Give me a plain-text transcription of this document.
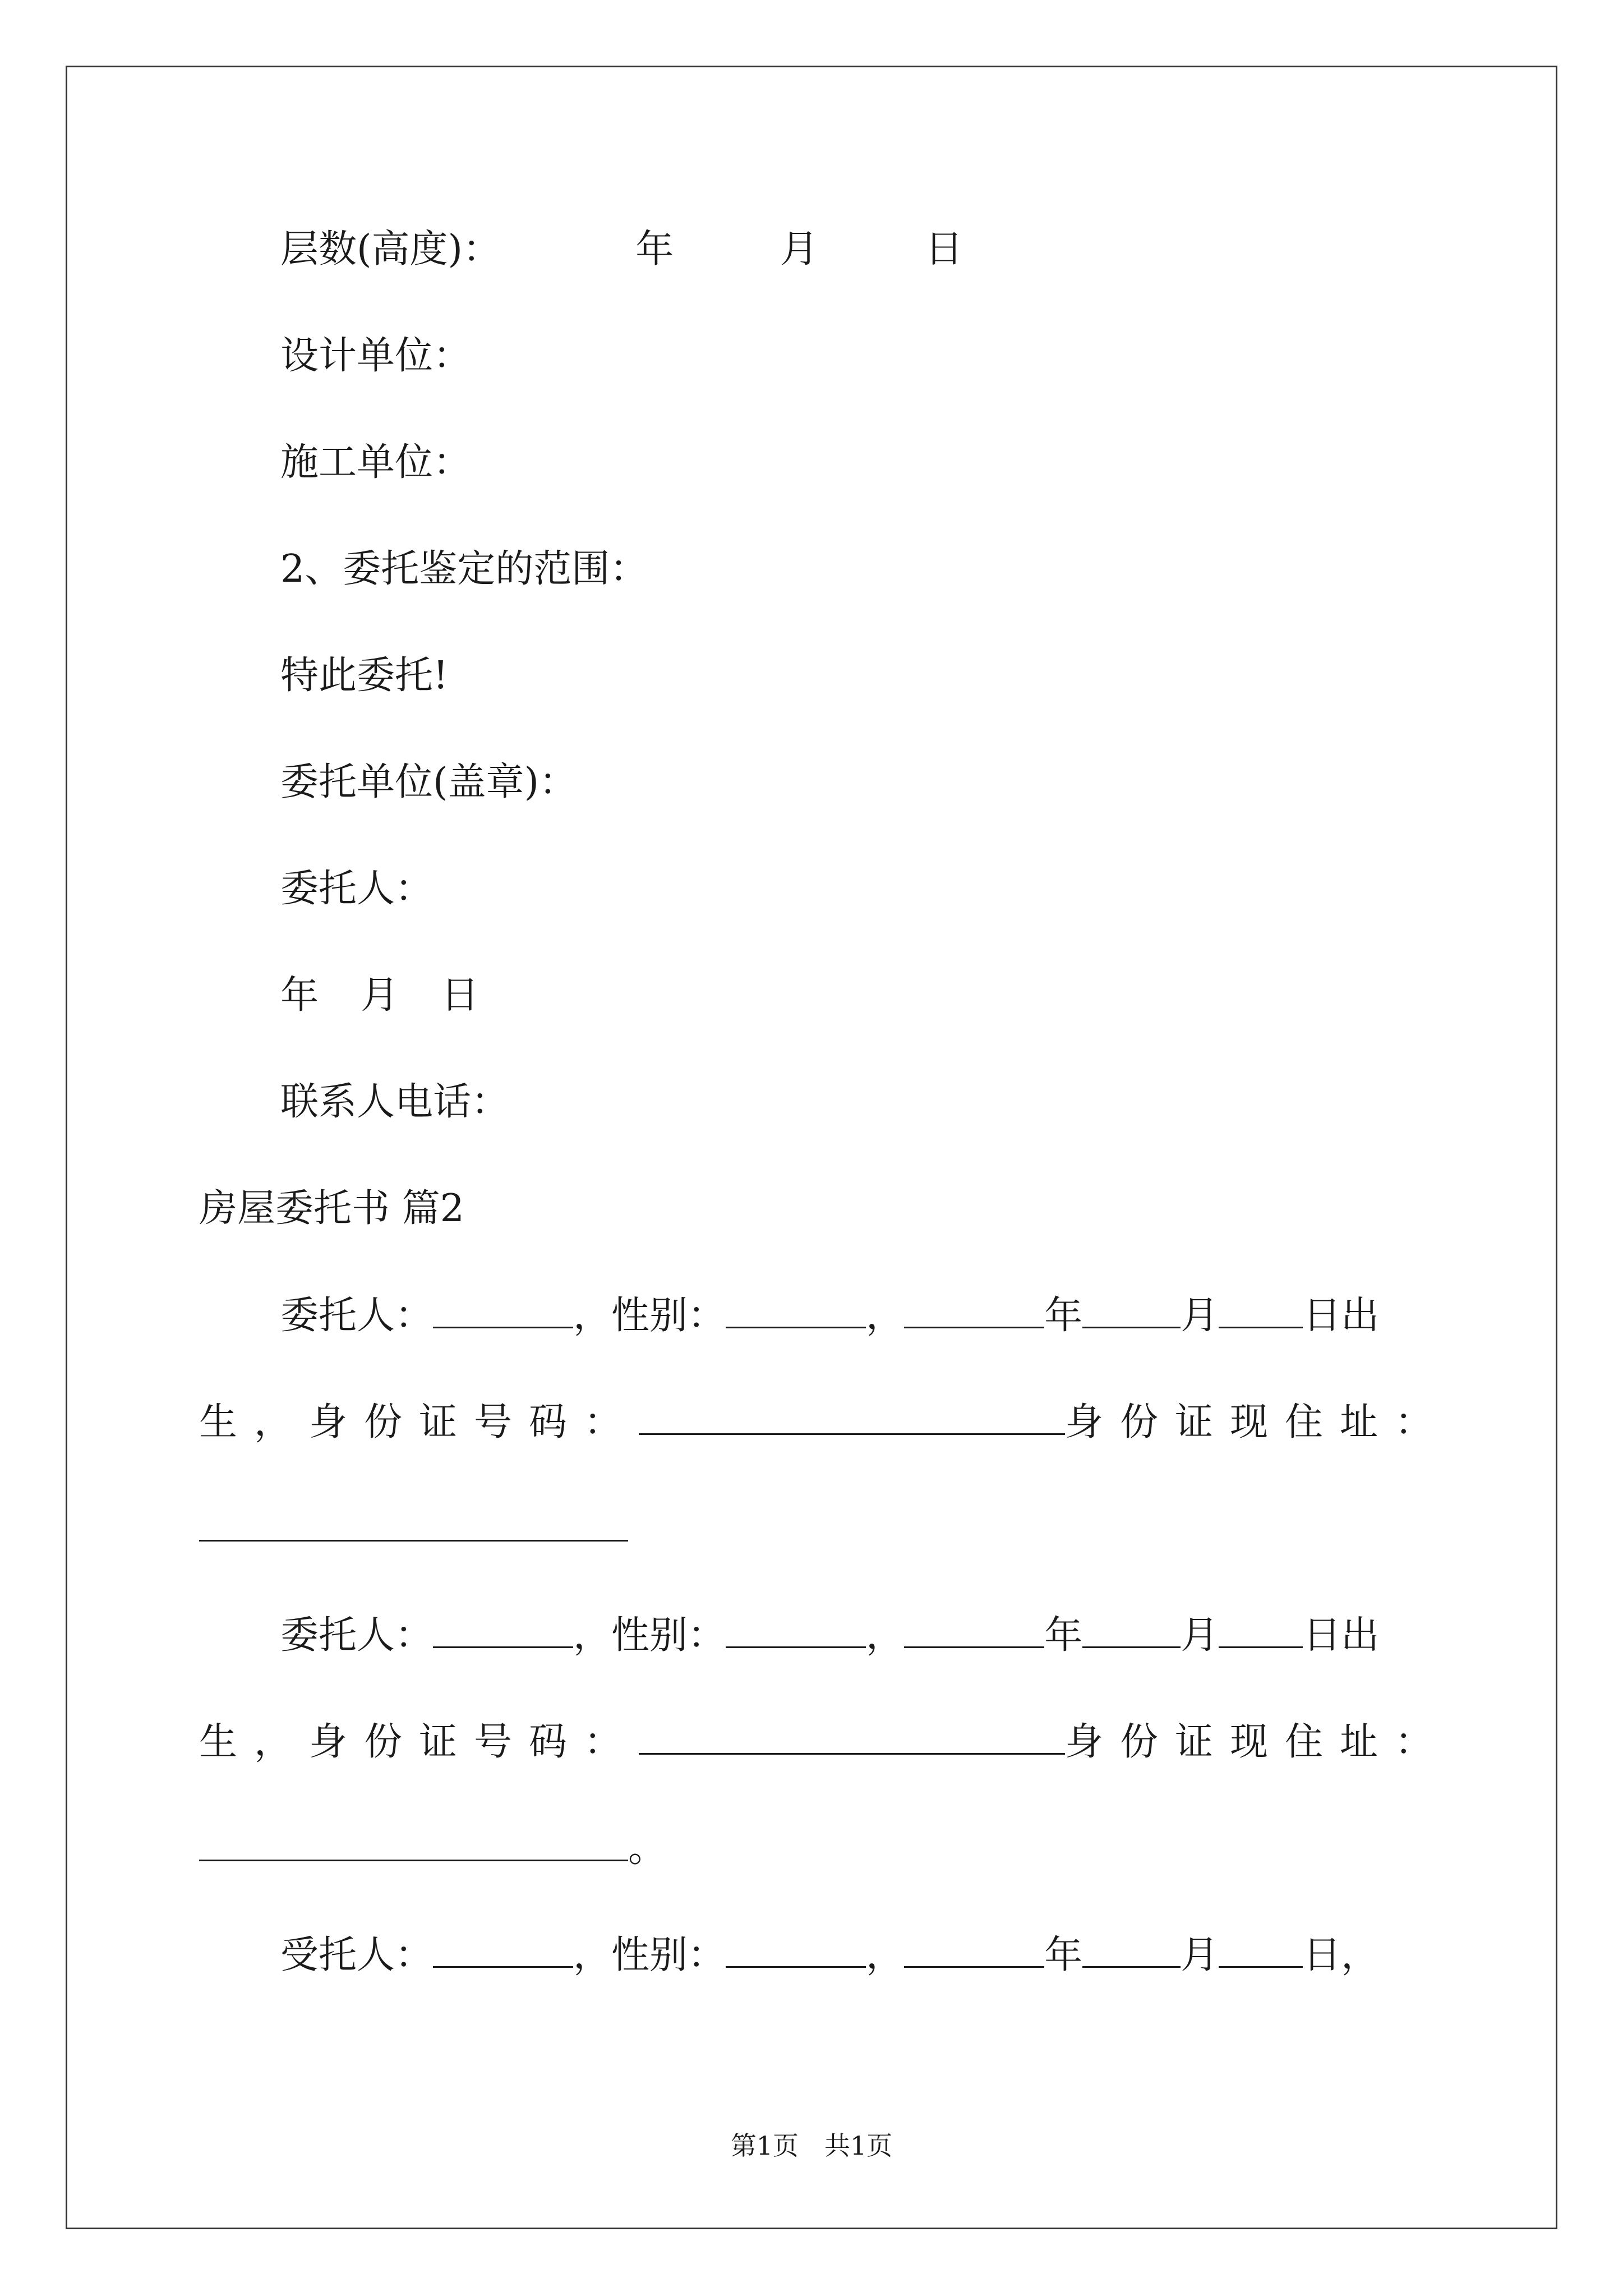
层数(高度)：	年	月	日
设计单位：
施工单位：
2、委托鉴定的范围：
特此委托!
委托单位(盖章)：
委托人：
年 月 日
联系人电话：
房屋委托书 篇2
委托人：	，性别：	，	年	月 日出
生，身份证号码：	身份证现住址：
委托人：	，性别：	，	年	月 日出
生，身份证号码：	身份证现住址：
。
受托人：	，性别：	，	年	月 日，
第1页　共1页
